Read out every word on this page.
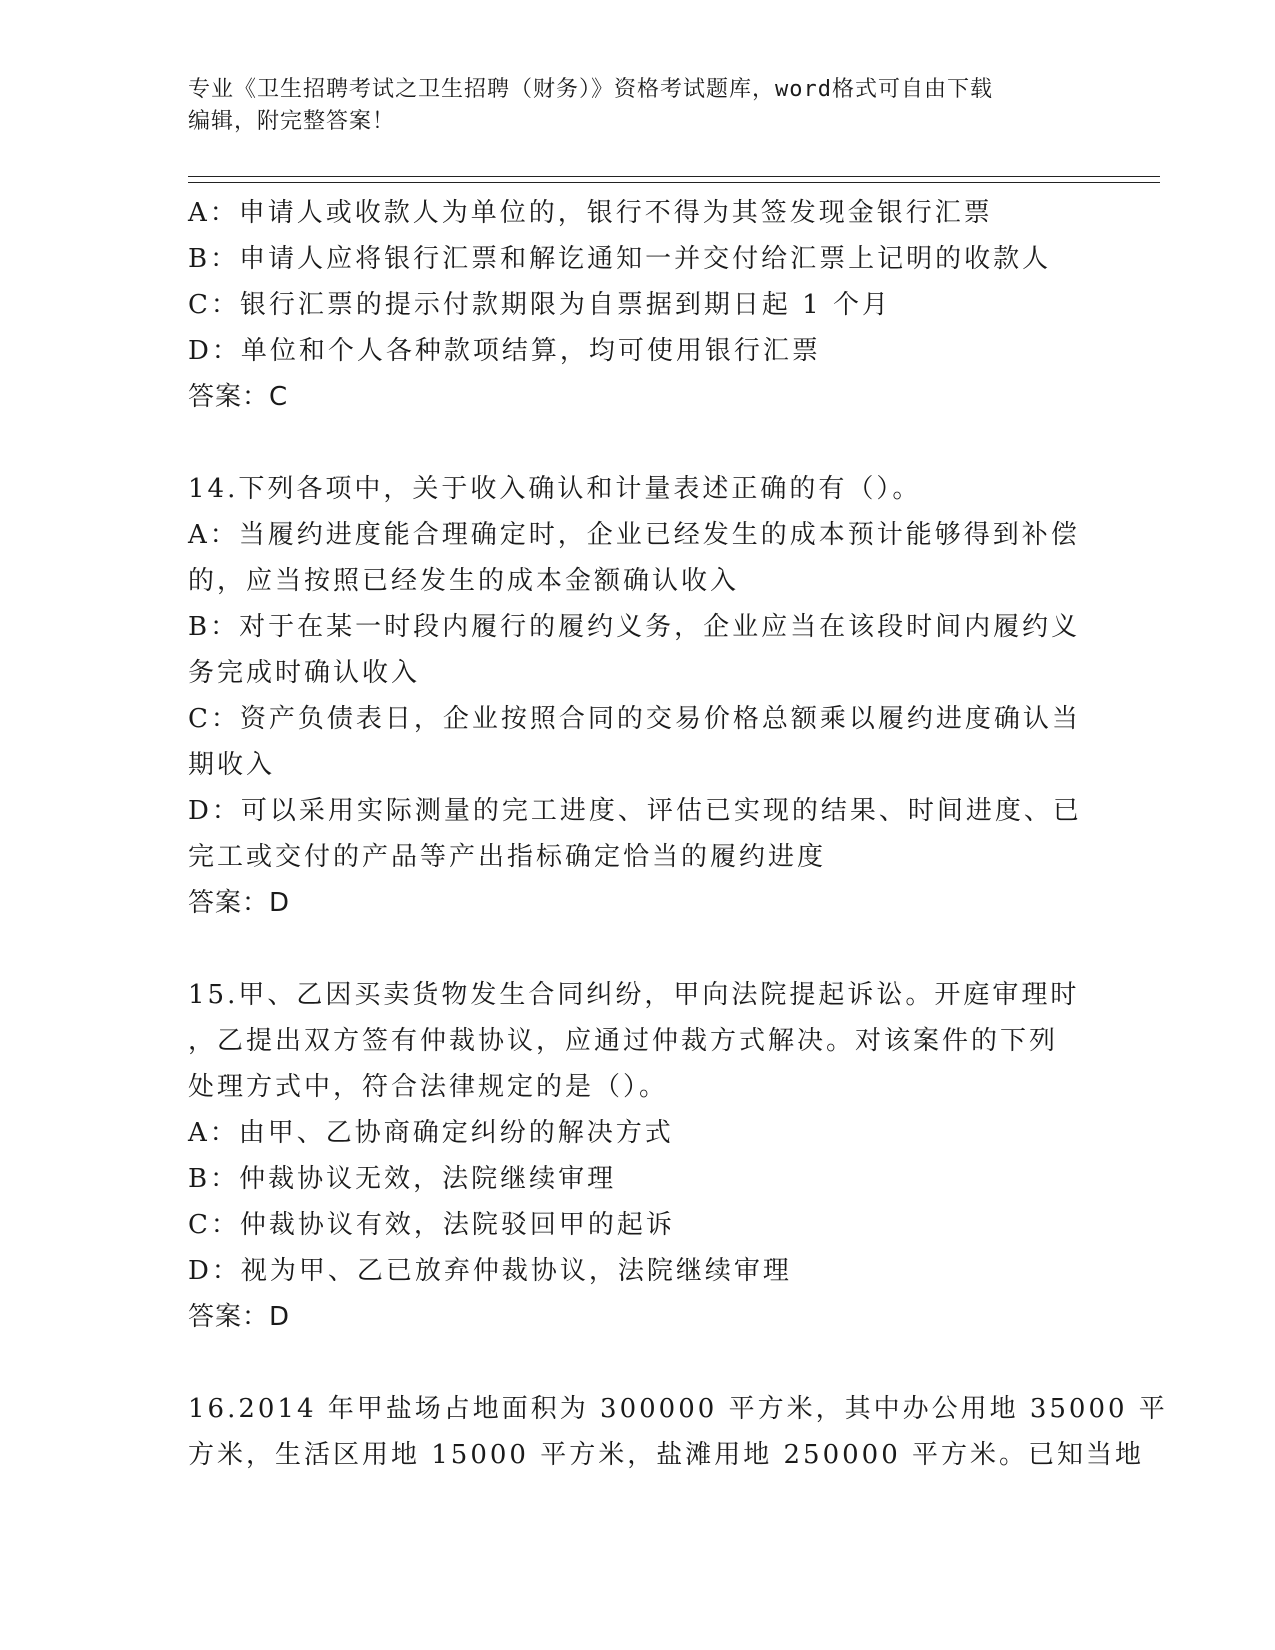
专业《卫生招聘考试之卫生招聘（财务）》资格考试题库，word格式可自由下载
编辑，附完整答案！
A：申请人或收款人为单位的，银行不得为其签发现金银行汇票
B：申请人应将银行汇票和解讫通知一并交付给汇票上记明的收款人
C：银行汇票的提示付款期限为自票据到期日起 1 个月
D：单位和个人各种款项结算，均可使用银行汇票
答案：C
14.下列各项中，关于收入确认和计量表述正确的有（）。
A：当履约进度能合理确定时，企业已经发生的成本预计能够得到补偿
的，应当按照已经发生的成本金额确认收入
B：对于在某一时段内履行的履约义务，企业应当在该段时间内履约义
务完成时确认收入
C：资产负债表日，企业按照合同的交易价格总额乘以履约进度确认当
期收入
D：可以采用实际测量的完工进度、评估已实现的结果、时间进度、已
完工或交付的产品等产出指标确定恰当的履约进度
答案：D
15.甲、乙因买卖货物发生合同纠纷，甲向法院提起诉讼。开庭审理时
，乙提出双方签有仲裁协议，应通过仲裁方式解决。对该案件的下列
处理方式中，符合法律规定的是（）。
A：由甲、乙协商确定纠纷的解决方式
B：仲裁协议无效，法院继续审理
C：仲裁协议有效，法院驳回甲的起诉
D：视为甲、乙已放弃仲裁协议，法院继续审理
答案：D
16.2014 年甲盐场占地面积为 300000 平方米，其中办公用地 35000 平
方米，生活区用地 15000 平方米，盐滩用地 250000 平方米。已知当地
